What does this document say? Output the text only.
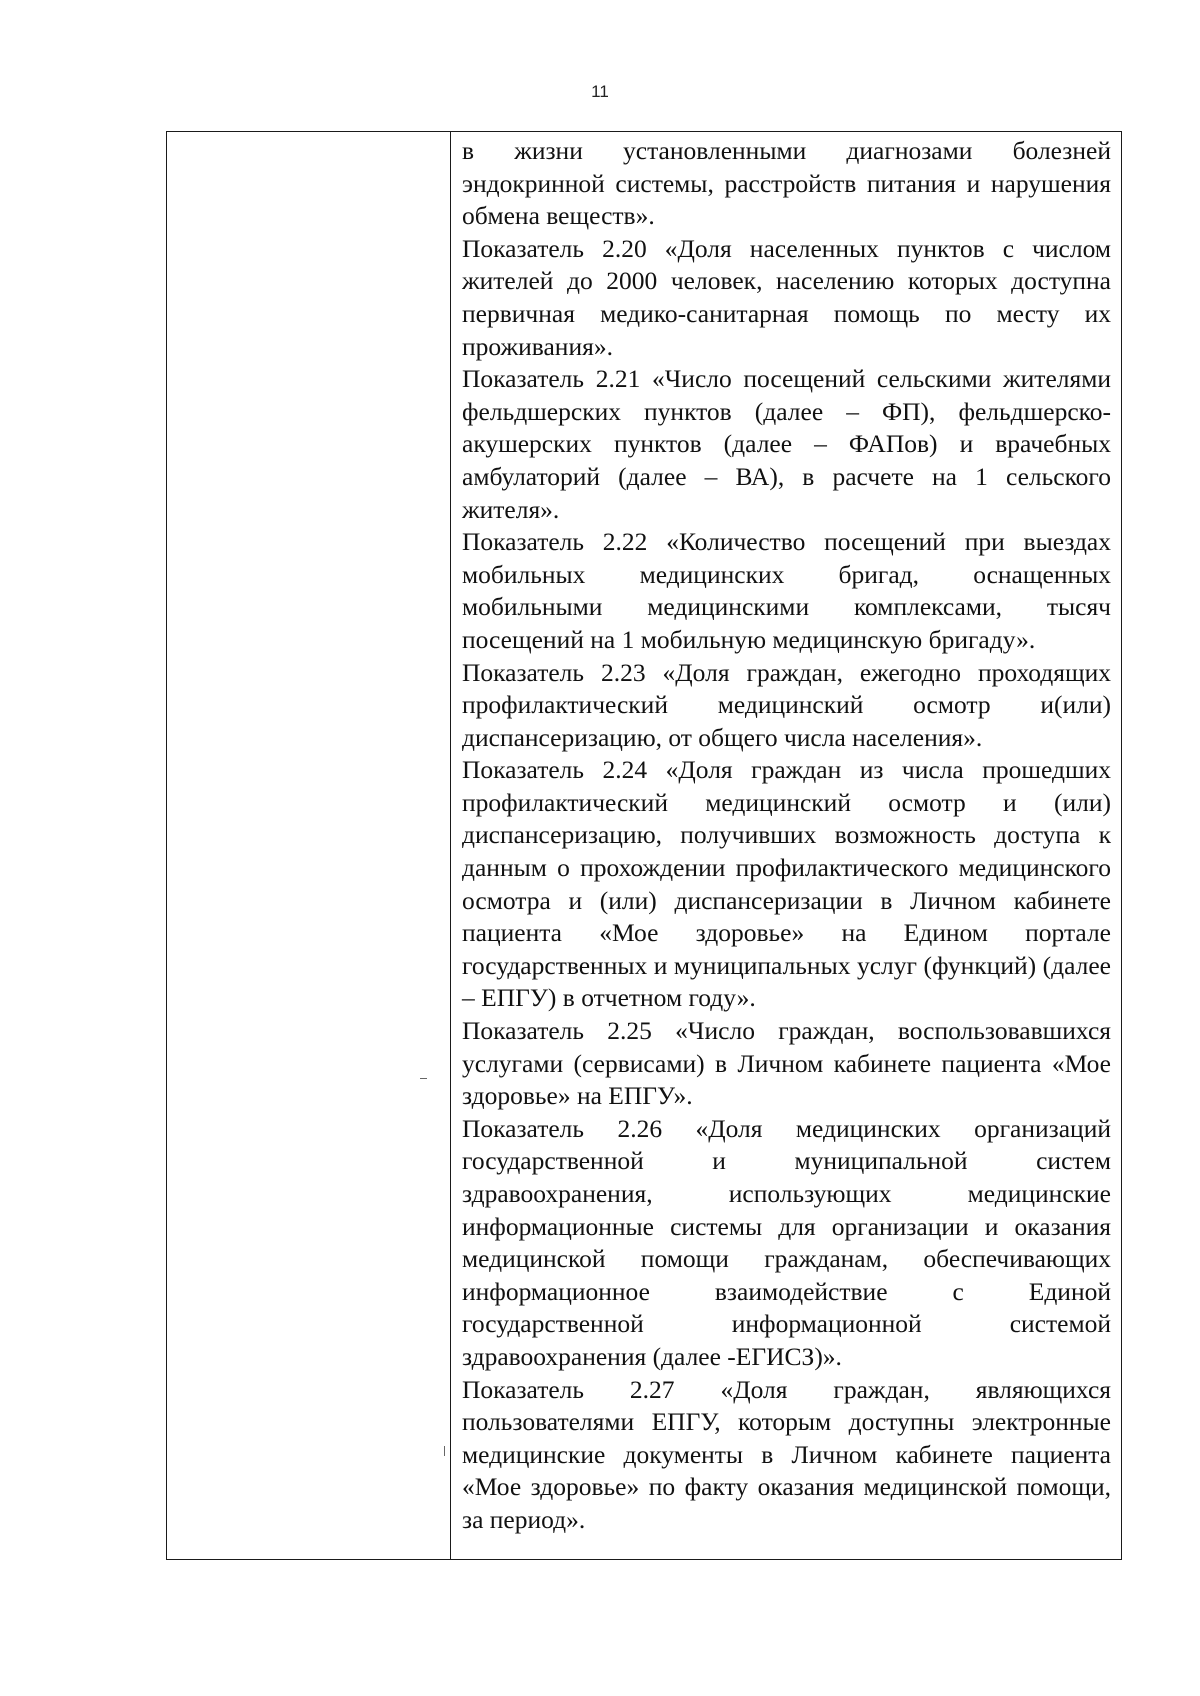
11

в жизни установленными диагнозами болезней эндокринной системы, расстройств питания и нарушения обмена веществ».

Показатель 2.20 «Доля населенных пунктов с числом жителей до 2000 человек, населению которых доступна первичная медико-санитарная помощь по месту их проживания».

Показатель 2.21 «Число посещений сельскими жителями фельдшерских пунктов (далее – ФП), фельдшерско-акушерских пунктов (далее – ФАПов) и врачебных амбулаторий (далее – ВА), в расчете на 1 сельского жителя».

Показатель 2.22 «Количество посещений при выездах мобильных медицинских бригад, оснащенных мобильными медицинскими комплексами, тысяч посещений на 1 мобильную медицинскую бригаду».

Показатель 2.23 «Доля граждан, ежегодно проходящих профилактический медицинский осмотр и(или) диспансеризацию, от общего числа населения».

Показатель 2.24 «Доля граждан из числа прошедших профилактический медицинский осмотр и (или) диспансеризацию, получивших возможность доступа к данным о прохождении профилактического медицинского осмотра и (или) диспансеризации в Личном кабинете пациента «Мое здоровье» на Едином портале государственных и муниципальных услуг (функций) (далее – ЕПГУ) в отчетном году».

Показатель 2.25 «Число граждан, воспользовавшихся услугами (сервисами) в Личном кабинете пациента «Мое здоровье» на ЕПГУ».

Показатель 2.26 «Доля медицинских организаций государственной и муниципальной систем здравоохранения, использующих медицинские информационные системы для организации и оказания медицинской помощи гражданам, обеспечивающих информационное взаимодействие с Единой государственной информационной системой здравоохранения (далее -ЕГИСЗ)».

Показатель 2.27 «Доля граждан, являющихся пользователями ЕПГУ, которым доступны электронные медицинские документы в Личном кабинете пациента «Мое здоровье» по факту оказания медицинской помощи, за период».
